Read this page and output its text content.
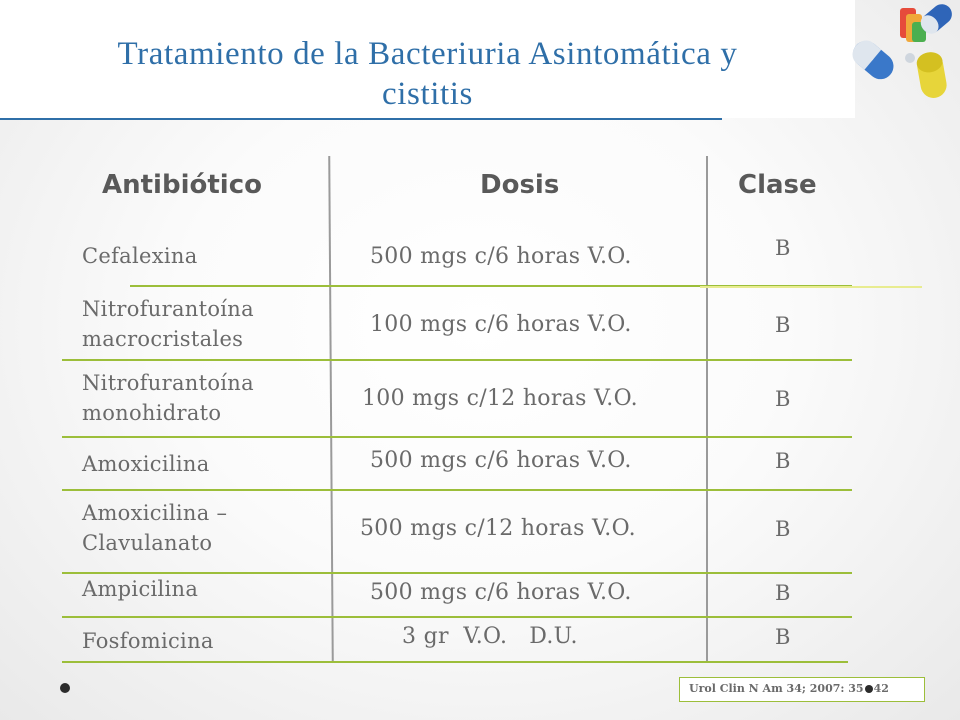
Tratamiento de la Bacteriuria Asintomática y
cistitis
Antibiótico	Dosis	Clase
Cefalexina	500 mgs c/6 horas V.O.	B
Nitrofurantoína
macrocristales
100 mgs c/6 horas V.O.	B
Nitrofurantoína
monohidrato
100 mgs c/12 horas V.O.	B
Amoxicilina	500 mgs c/6 horas V.O.	B
Amoxicilina –
Clavulanato
500 mgs c/12 horas V.O.	B
Ampicilina	500 mgs c/6 horas V.O.	B
Fosfomicina	3 gr  V.O.   D.U.	B
Urol Clin N Am 34; 2007: 35 42
